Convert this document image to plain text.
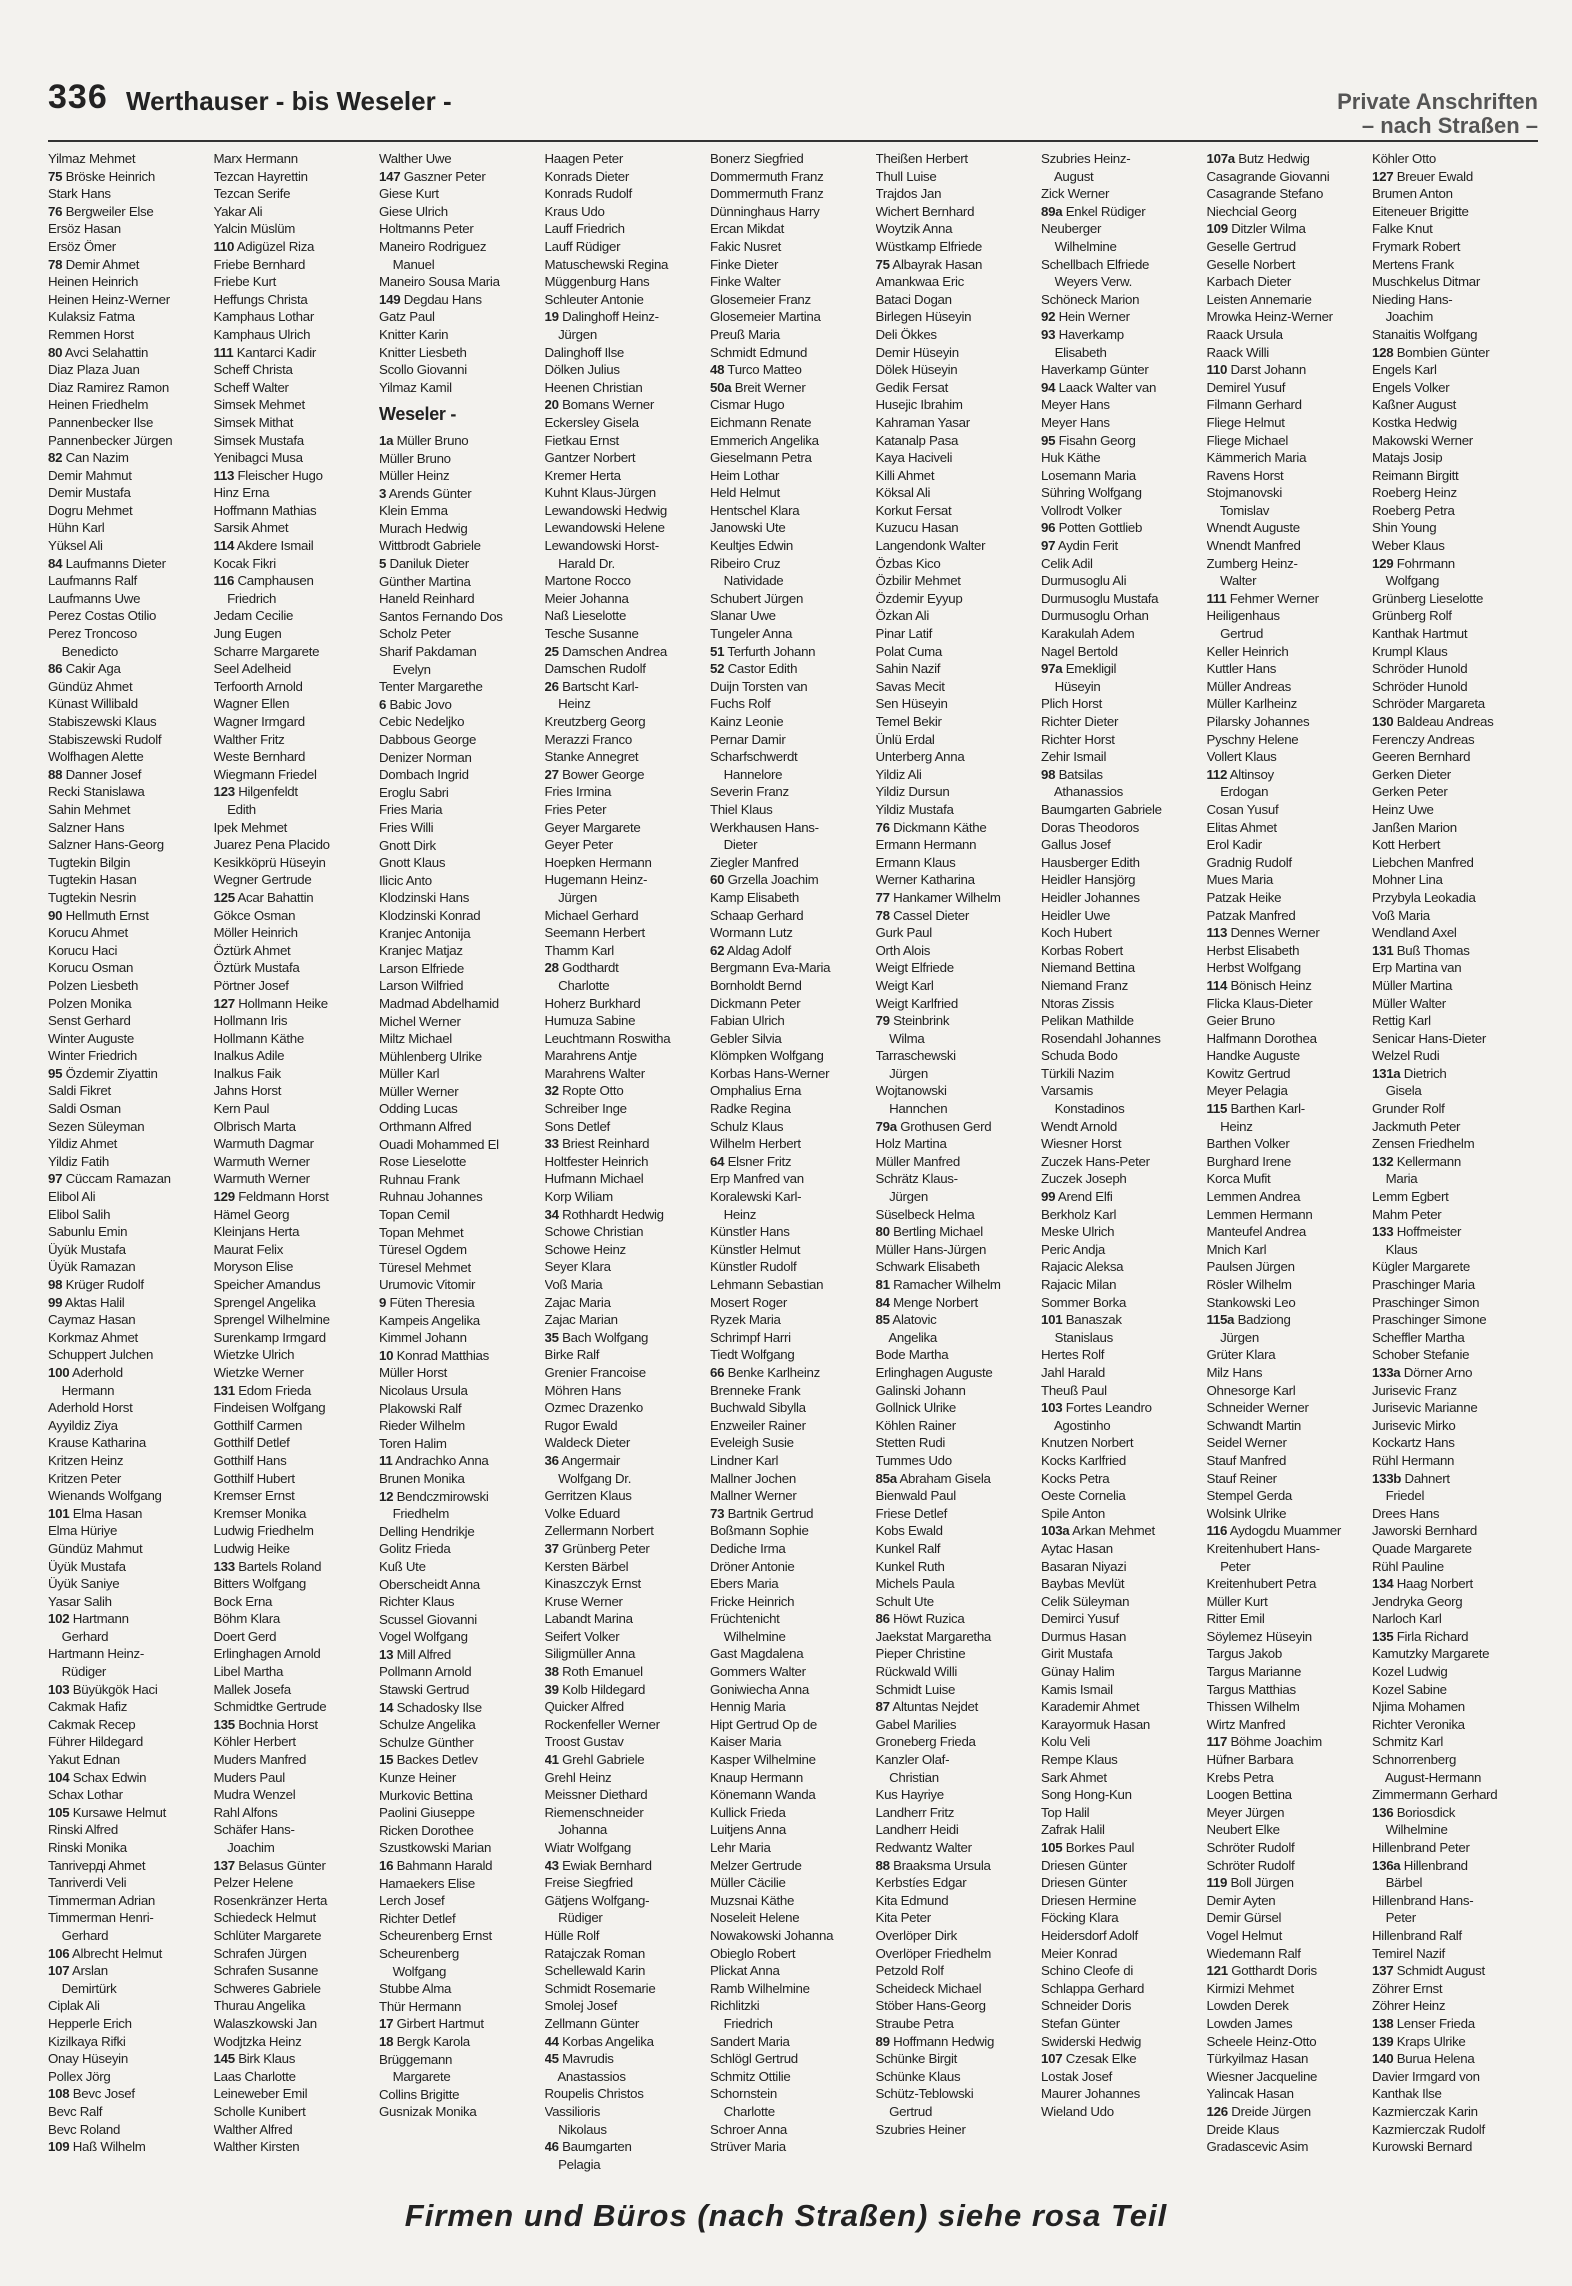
336 Werthauser - bis Weseler -	Private Anschriften
– nach Straßen –
Yilmaz Mehmet
75 Bröske Heinrich
Stark Hans
76 Bergweiler Else
Ersöz Hasan
Ersöz Ömer
78 Demir Ahmet
Heinen Heinrich
Heinen Heinz-Werner
Kulaksiz Fatma
Remmen Horst
80 Avci Selahattin
Diaz Plaza Juan
Diaz Ramirez Ramon
Heinen Friedhelm
Pannenbecker Ilse
Pannenbecker Jürgen
82 Can Nazim
Demir Mahmut
Demir Mustafa
Dogru Mehmet
Hühn Karl
Yüksel Ali
84 Laufmanns Dieter
Laufmanns Ralf
Laufmanns Uwe
Perez Costas Otilio
Perez Troncoso
Benedicto
86 Cakir Aga
Gündüz Ahmet
Künast Willibald
Stabiszewski Klaus
Stabiszewski Rudolf
Wolfhagen Alette
88 Danner Josef
Recki Stanislawa
Sahin Mehmet
Salzner Hans
Salzner Hans-Georg
Tugtekin Bilgin
Tugtekin Hasan
Tugtekin Nesrin
90 Hellmuth Ernst
Korucu Ahmet
Korucu Haci
Korucu Osman
Polzen Liesbeth
Polzen Monika
Senst Gerhard
Winter Auguste
Winter Friedrich
95 Özdemir Ziyattin
Saldi Fikret
Saldi Osman
Sezen Süleyman
Yildiz Ahmet
Yildiz Fatih
97 Cüccam Ramazan
Elibol Ali
Elibol Salih
Sabunlu Emin
Üyük Mustafa
Üyük Ramazan
98 Krüger Rudolf
99 Aktas Halil
Caymaz Hasan
Korkmaz Ahmet
Schuppert Julchen
100 Aderhold
Hermann
Aderhold Horst
Ayyildiz Ziya
Krause Katharina
Kritzen Heinz
Kritzen Peter
Wienands Wolfgang
101 Elma Hasan
Elma Hüriye
Gündüz Mahmut
Üyük Mustafa
Üyük Saniye
Yasar Salih
102 Hartmann
Gerhard
Hartmann Heinz-
Rüdiger
103 Büyükgök Haci
Cakmak Hafiz
Cakmak Recep
Führer Hildegard
Yakut Ednan
104 Schax Edwin
Schax Lothar
105 Kursawe Helmut
Rinski Alfred
Rinski Monika
Tanrivердi Ahmet
Tanriverdi Veli
Timmerman Adrian
Timmerman Henri-
Gerhard
106 Albrecht Helmut
107 Arslan
Demirtürk
Ciplak Ali
Hepperle Erich
Kizilkaya Rifki
Onay Hüseyin
Pollex Jörg
108 Bevc Josef
Bevc Ralf
Bevc Roland
109 Haß Wilhelm
Marx Hermann
Tezcan Hayrettin
Tezcan Serife
Yakar Ali
Yalcin Müslüm
110 Adigüzel Riza
Friebe Bernhard
Friebe Kurt
Heffungs Christa
Kamphaus Lothar
Kamphaus Ulrich
111 Kantarci Kadir
Scheff Christa
Scheff Walter
Simsek Mehmet
Simsek Mithat
Simsek Mustafa
Yenibagci Musa
113 Fleischer Hugo
Hinz Erna
Hoffmann Mathias
Sarsik Ahmet
114 Akdere Ismail
Kocak Fikri
116 Camphausen
Friedrich
Jedam Cecilie
Jung Eugen
Scharre Margarete
Seel Adelheid
Terfoorth Arnold
Wagner Ellen
Wagner Irmgard
Walther Fritz
Weste Bernhard
Wiegmann Friedel
123 Hilgenfeldt
Edith
Ipek Mehmet
Juarez Pena Placido
Kesikköprü Hüseyin
Wegner Gertrude
125 Acar Bahattin
Gökce Osman
Möller Heinrich
Öztürk Ahmet
Öztürk Mustafa
Pörtner Josef
127 Hollmann Heike
Hollmann Iris
Hollmann Käthe
Inalkus Adile
Inalkus Faik
Jahns Horst
Kern Paul
Olbrisch Marta
Warmuth Dagmar
Warmuth Werner
Warmuth Werner
129 Feldmann Horst
Hämel Georg
Kleinjans Herta
Maurat Felix
Moryson Elise
Speicher Amandus
Sprengel Angelika
Sprengel Wilhelmine
Surenkamp Irmgard
Wietzke Ulrich
Wietzke Werner
131 Edom Frieda
Findeisen Wolfgang
Gotthilf Carmen
Gotthilf Detlef
Gotthilf Hans
Gotthilf Hubert
Kremser Ernst
Kremser Monika
Ludwig Friedhelm
Ludwig Heike
133 Bartels Roland
Bitters Wolfgang
Bock Erna
Böhm Klara
Doert Gerd
Erlinghagen Arnold
Libel Martha
Mallek Josefa
Schmidtke Gertrude
135 Bochnia Horst
Köhler Herbert
Muders Manfred
Muders Paul
Mudra Wenzel
Rahl Alfons
Schäfer Hans-
Joachim
137 Belasus Günter
Pelzer Helene
Rosenkränzer Herta
Schiedeck Helmut
Schlüter Margarete
Schrafen Jürgen
Schrafen Susanne
Schweres Gabriele
Thurau Angelika
Walaszkowski Jan
Wodjtzka Heinz
145 Birk Klaus
Laas Charlotte
Leineweber Emil
Scholle Kunibert
Walther Alfred
Walther Kirsten
Walther Uwe
147 Gaszner Peter
Giese Kurt
Giese Ulrich
Holtmanns Peter
Maneiro Rodriguez
Manuel
Maneiro Sousa Maria
149 Degdau Hans
Gatz Paul
Knitter Karin
Knitter Liesbeth
Scollo Giovanni
Yilmaz Kamil
Weseler -
1a Müller Bruno
Müller Bruno
Müller Heinz
3 Arends Günter
Klein Emma
Murach Hedwig
Wittbrodt Gabriele
5 Daniluk Dieter
Günther Martina
Haneld Reinhard
Santos Fernando Dos
Scholz Peter
Sharif Pakdaman
Evelyn
Tenter Margarethe
6 Babic Jovo
Cebic Nedeljko
Dabbous George
Denizer Norman
Dombach Ingrid
Eroglu Sabri
Fries Maria
Fries Willi
Gnott Dirk
Gnott Klaus
Ilicic Anto
Klodzinski Hans
Klodzinski Konrad
Kranjec Antonija
Kranjec Matjaz
Larson Elfriede
Larson Wilfried
Madmad Abdelhamid
Michel Werner
Miltz Michael
Mühlenberg Ulrike
Müller Karl
Müller Werner
Odding Lucas
Orthmann Alfred
Ouadi Mohammed El
Rose Lieselotte
Ruhnau Frank
Ruhnau Johannes
Topan Cemil
Topan Mehmet
Türesel Ogdem
Türesel Mehmet
Urumovic Vitomir
9 Füten Theresia
Kampeis Angelika
Kimmel Johann
10 Konrad Matthias
Müller Horst
Nicolaus Ursula
Plakowski Ralf
Rieder Wilhelm
Toren Halim
11 Andrachko Anna
Brunen Monika
12 Bendczmirowski
Friedhelm
Delling Hendrikje
Golitz Frieda
Kuß Ute
Oberscheidt Anna
Richter Klaus
Scussel Giovanni
Vogel Wolfgang
13 Mill Alfred
Pollmann Arnold
Stawski Gertrud
14 Schadosky Ilse
Schulze Angelika
Schulze Günther
15 Backes Detlev
Kunze Heiner
Murkovic Bettina
Paolini Giuseppe
Ricken Dorothee
Szustkowski Marian
16 Bahmann Harald
Hamaekers Elise
Lerch Josef
Richter Detlef
Scheurenberg Ernst
Scheurenberg
Wolfgang
Stubbe Alma
Thür Hermann
17 Girbert Hartmut
18 Bergk Karola
Brüggemann
Margarete
Collins Brigitte
Gusnizak Monika
Haagen Peter
Konrads Dieter
Konrads Rudolf
Kraus Udo
Lauff Friedrich
Lauff Rüdiger
Matuschewski Regina
Müggenburg Hans
Schleuter Antonie
19 Dalinghoff Heinz-
Jürgen
Dalinghoff Ilse
Dölken Julius
Heenen Christian
20 Bomans Werner
Eckersley Gisela
Fietkau Ernst
Gantzer Norbert
Kremer Herta
Kuhnt Klaus-Jürgen
Lewandowski Hedwig
Lewandowski Helene
Lewandowski Horst-
Harald Dr.
Martone Rocco
Meier Johanna
Naß Lieselotte
Tesche Susanne
25 Damschen Andrea
Damschen Rudolf
26 Bartscht Karl-
Heinz
Kreutzberg Georg
Merazzi Franco
Stanke Annegret
27 Bower George
Fries Irmina
Fries Peter
Geyer Margarete
Geyer Peter
Hoepken Hermann
Hugemann Heinz-
Jürgen
Michael Gerhard
Seemann Herbert
Thamm Karl
28 Godthardt
Charlotte
Hoherz Burkhard
Humuza Sabine
Leuchtmann Roswitha
Marahrens Antje
Marahrens Walter
32 Ropte Otto
Schreiber Inge
Sons Detlef
33 Briest Reinhard
Holtfester Heinrich
Hufmann Michael
Korp Wiliam
34 Rothhardt Hedwig
Schowe Christian
Schowe Heinz
Seyer Klara
Voß Maria
Zajac Maria
Zajac Marian
35 Bach Wolfgang
Birke Ralf
Grenier Francoise
Möhren Hans
Ozmec Drazenko
Rugor Ewald
Waldeck Dieter
36 Angermair
Wolfgang Dr.
Gerritzen Klaus
Volke Eduard
Zellermann Norbert
37 Grünberg Peter
Kersten Bärbel
Kinaszczyk Ernst
Kruse Werner
Labandt Marina
Seifert Volker
Siligmüller Anna
38 Roth Emanuel
39 Kolb Hildegard
Quicker Alfred
Rockenfeller Werner
Troost Gustav
41 Grehl Gabriele
Grehl Heinz
Meissner Diethard
Riemenschneider
Johanna
Wiatr Wolfgang
43 Ewiak Bernhard
Freise Siegfried
Gätjens Wolfgang-
Rüdiger
Hülle Rolf
Ratajczak Roman
Schellewald Karin
Schmidt Rosemarie
Smolej Josef
Zellmann Günter
44 Korbas Angelika
45 Mavrudis
Anastassios
Roupelis Christos
Vassiliоris
Nikolaus
46 Baumgarten
Pelagia
Bonerz Siegfried
Dommermuth Franz
Dommermuth Franz
Dünninghaus Harry
Ercan Mikdat
Fakic Nusret
Finke Dieter
Finke Walter
Glosemeier Franz
Glosemeier Martina
Preuß Maria
Schmidt Edmund
48 Turco Matteo
50a Breit Werner
Cismar Hugo
Eichmann Renate
Emmerich Angelika
Gieselmann Petra
Heim Lothar
Held Helmut
Hentschel Klara
Janowski Ute
Keultjes Edwin
Ribeiro Cruz
Natividade
Schubert Jürgen
Slanar Uwe
Tungeler Anna
51 Terfurth Johann
52 Castor Edith
Duijn Torsten van
Fuchs Rolf
Kainz Leonie
Pernar Damir
Scharfschwerdt
Hannelore
Severin Franz
Thiel Klaus
Werkhausen Hans-
Dieter
Ziegler Manfred
60 Grzella Joachim
Kamp Elisabeth
Schaap Gerhard
Wormann Lutz
62 Aldag Adolf
Bergmann Eva-Maria
Bornholdt Bernd
Dickmann Peter
Fabian Ulrich
Gebler Silvia
Klömpken Wolfgang
Korbas Hans-Werner
Omphalius Erna
Radke Regina
Schulz Klaus
Wilhelm Herbert
64 Elsner Fritz
Erp Manfred van
Koralewski Karl-
Heinz
Künstler Hans
Künstler Helmut
Künstler Rudolf
Lehmann Sebastian
Mosert Roger
Ryzek Maria
Schrimpf Harri
Tiedt Wolfgang
66 Benke Karlheinz
Brenneke Frank
Buchwald Sibylla
Enzweiler Rainer
Eveleigh Susie
Lindner Karl
Mallner Jochen
Mallner Werner
73 Bartnik Gertrud
Boßmann Sophie
Dediche Irma
Dröner Antonie
Ebers Maria
Fricke Heinrich
Früchtenicht
Wilhelmine
Gast Magdalena
Gommers Walter
Goniwiecha Anna
Hennig Maria
Hipt Gertrud Op de
Kaiser Maria
Kasper Wilhelmine
Knaup Hermann
Könemann Wanda
Kullick Frieda
Luitjens Anna
Lehr Maria
Melzer Gertrude
Müller Cäcilie
Muzsnai Käthe
Noseleit Helene
Nowakowski Johanna
Obieglo Robert
Plickat Anna
Ramb Wilhelmine
Richlitzki
Friedrich
Sandert Maria
Schlögl Gertrud
Schmitz Ottilie
Schornstein
Charlotte
Schroer Anna
Strüver Maria
Theißen Herbert
Thull Luise
Trajdos Jan
Wichert Bernhard
Woytzik Anna
Wüstkamp Elfriede
75 Albayrak Hasan
Amankwaa Eric
Bataci Dogan
Birlegen Hüseyin
Deli Ökkes
Demir Hüseyin
Dölek Hüseyin
Gedik Fersat
Husejic Ibrahim
Kahraman Yasar
Katanalp Pasa
Kaya Haciveli
Killi Ahmet
Köksal Ali
Korkut Fersat
Kuzucu Hasan
Langendonk Walter
Özbas Kico
Özbilir Mehmet
Özdemir Eyyup
Özkan Ali
Pinar Latif
Polat Cuma
Sahin Nazif
Savas Mecit
Sen Hüseyin
Temel Bekir
Ünlü Erdal
Unterberg Anna
Yildiz Ali
Yildiz Dursun
Yildiz Mustafa
76 Dickmann Käthe
Ermann Hermann
Ermann Klaus
Werner Katharina
77 Hankamer Wilhelm
78 Cassel Dieter
Gurk Paul
Orth Alois
Weigt Elfriede
Weigt Karl
Weigt Karlfried
79 Steinbrink
Wilma
Tarraschewski
Jürgen
Wojtanowski
Hannchen
79a Grothusen Gerd
Holz Martina
Müller Manfred
Schrätz Klaus-
Jürgen
Süselbeck Helma
80 Bertling Michael
Müller Hans-Jürgen
Schwark Elisabeth
81 Ramacher Wilhelm
84 Menge Norbert
85 Alatovic
Angelika
Bode Martha
Erlinghagen Auguste
Galinski Johann
Gollnick Ulrike
Köhlen Rainer
Stetten Rudi
Tummes Udo
85a Abraham Gisela
Bienwald Paul
Friese Detlef
Kobs Ewald
Kunkel Ralf
Kunkel Ruth
Michels Paula
Schult Ute
86 Höwt Ruzica
Jaekstat Margaretha
Pieper Christine
Rückwald Willi
Schmidt Luise
87 Altuntas Nejdet
Gabel Marilies
Groneberg Frieda
Kanzler Olaf-
Christian
Kus Hayriye
Landherr Fritz
Landherr Heidi
Redwantz Walter
88 Braaksma Ursula
Kerbstíes Edgar
Kita Edmund
Kita Peter
Overlöper Dirk
Overlöper Friedhelm
Petzold Rolf
Scheideck Michael
Stöber Hans-Georg
Straube Petra
89 Hoffmann Hedwig
Schünke Birgit
Schünke Klaus
Schütz-Teblowski
Gertrud
Szubries Heiner
Szubries Heinz-
August
Zick Werner
89a Enkel Rüdiger
Neuberger
Wilhelmine
Schellbach Elfriede
Weyers Verw.
Schöneck Marion
92 Hein Werner
93 Haverkamp
Elisabeth
Haverkamp Günter
94 Laack Walter van
Meyer Hans
Meyer Hans
95 Fisahn Georg
Huk Käthe
Losemann Maria
Sühring Wolfgang
Vollrodt Volker
96 Potten Gottlieb
97 Aydin Ferit
Celik Adil
Durmusoglu Ali
Durmusoglu Mustafa
Durmusoglu Orhan
Karakulah Adem
Nagel Bertold
97a Emekligil
Hüseyin
Plich Horst
Richter Dieter
Richter Horst
Zehir Ismail
98 Batsilas
Athanassios
Baumgarten Gabriele
Doras Theodoros
Gallus Josef
Hausberger Edith
Heidler Hansjörg
Heidler Johannes
Heidler Uwe
Koch Hubert
Korbas Robert
Niemand Bettina
Niemand Franz
Ntoras Zissis
Pelikan Mathilde
Rosendahl Johannes
Schuda Bodo
Türkili Nazim
Varsamis
Konstadinos
Wendt Arnold
Wiesner Horst
Zuczek Hans-Peter
Zuczek Joseph
99 Arend Elfi
Berkholz Karl
Meske Ulrich
Peric Andja
Rajacic Aleksa
Rajacic Milan
Sommer Borka
101 Banaszak
Stanislaus
Hertes Rolf
Jahl Harald
Theuß Paul
103 Fortes Leandro
Agostinho
Knutzen Norbert
Kocks Karlfried
Kocks Petra
Oeste Cornelia
Spile Anton
103a Arkan Mehmet
Aytac Hasan
Basaran Niyazi
Baybas Mevlüt
Celik Süleyman
Demirci Yusuf
Durmus Hasan
Girit Mustafa
Günay Halim
Kamis Ismail
Karademir Ahmet
Karayormuk Hasan
Kolu Veli
Rempe Klaus
Sark Ahmet
Song Hong-Kun
Top Halil
Zafrak Halil
105 Borkes Paul
Driesen Günter
Driesen Günter
Driesen Hermine
Föcking Klara
Heidersdorf Adolf
Meier Konrad
Schino Cleofe di
Schlappa Gerhard
Schneider Doris
Stefan Günter
Swiderski Hedwig
107 Czesak Elke
Lostak Josef
Maurer Johannes
Wieland Udo
107a Butz Hedwig
Casagrande Giovanni
Casagrande Stefano
Niechcial Georg
109 Ditzler Wilma
Geselle Gertrud
Geselle Norbert
Karbach Dieter
Leisten Annemarie
Mrowka Heinz-Werner
Raack Ursula
Raack Willi
110 Darst Johann
Demirel Yusuf
Filmann Gerhard
Fliege Helmut
Fliege Michael
Kämmerich Maria
Ravens Horst
Stojmanovski
Tomislav
Wnendt Auguste
Wnendt Manfred
Zumberg Heinz-
Walter
111 Fehmer Werner
Heiligenhaus
Gertrud
Keller Heinrich
Kuttler Hans
Müller Andreas
Müller Karlheinz
Pilarsky Johannes
Pyschny Helene
Vollert Klaus
112 Altinsoy
Erdogan
Cosan Yusuf
Elitas Ahmet
Erol Kadir
Gradnig Rudolf
Mues Maria
Patzak Heike
Patzak Manfred
113 Dennes Werner
Herbst Elisabeth
Herbst Wolfgang
114 Bönisch Heinz
Flicka Klaus-Dieter
Geier Bruno
Halfmann Dorothea
Handke Auguste
Kowitz Gertrud
Meyer Pelagia
115 Barthen Karl-
Heinz
Barthen Volker
Burghard Irene
Korca Mufit
Lemmen Andrea
Lemmen Hermann
Manteufel Andrea
Mnich Karl
Paulsen Jürgen
Rösler Wilhelm
Stankowski Leo
115a Badziong
Jürgen
Grüter Klara
Milz Hans
Ohnesorge Karl
Schneider Werner
Schwandt Martin
Seidel Werner
Stauf Manfred
Stauf Reiner
Stempel Gerda
Wolsink Ulrike
116 Aydogdu Muammer
Kreitenhubert Hans-
Peter
Kreitenhubert Petra
Müller Kurt
Ritter Emil
Söylemez Hüseyin
Targus Jakob
Targus Marianne
Targus Matthias
Thissen Wilhelm
Wirtz Manfred
117 Böhme Joachim
Hüfner Barbara
Krebs Petra
Loogen Bettina
Meyer Jürgen
Neubert Elke
Schröter Rudolf
Schröter Rudolf
119 Boll Jürgen
Demir Ayten
Demir Gürsel
Vogel Helmut
Wiedemann Ralf
121 Gotthardt Doris
Kirmizi Mehmet
Lowden Derek
Lowden James
Scheele Heinz-Otto
Türkyilmaz Hasan
Wiesner Jacqueline
Yalincak Hasan
126 Dreide Jürgen
Dreide Klaus
Gradascevic Asim
Köhler Otto
127 Breuer Ewald
Brumen Anton
Eiteneuer Brigitte
Falke Knut
Frymark Robert
Mertens Frank
Muschkelus Ditmar
Nieding Hans-
Joachim
Stanaitis Wolfgang
128 Bombien Günter
Engels Karl
Engels Volker
Kaßner August
Kostka Hedwig
Makowski Werner
Matajs Josip
Reimann Birgitt
Roeberg Heinz
Roeberg Petra
Shin Young
Weber Klaus
129 Fohrmann
Wolfgang
Grünberg Lieselotte
Grünberg Rolf
Kanthak Hartmut
Krumpl Klaus
Schröder Hunold
Schröder Hunold
Schröder Margareta
130 Baldeau Andreas
Ferenczy Andreas
Geeren Bernhard
Gerken Dieter
Gerken Peter
Heinz Uwe
Janßen Marion
Kott Herbert
Liebchen Manfred
Mohner Lina
Przybyla Leokadia
Voß Maria
Wendland Axel
131 Buß Thomas
Erp Martina van
Müller Martina
Müller Walter
Rettig Karl
Senicar Hans-Dieter
Welzel Rudi
131a Dietrich
Gisela
Grunder Rolf
Jackmuth Peter
Zensen Friedhelm
132 Kellermann
Maria
Lemm Egbert
Mahm Peter
133 Hoffmeister
Klaus
Kügler Margarete
Praschinger Maria
Praschinger Simon
Praschinger Simone
Scheffler Martha
Schober Stefanie
133a Dörner Arno
Jurisevic Franz
Jurisevic Marianne
Jurisevic Mirko
Kockartz Hans
Rühl Hermann
133b Dahnert
Friedel
Drees Hans
Jaworski Bernhard
Quade Margarete
Rühl Pauline
134 Haag Norbert
Jendryka Georg
Narloch Karl
135 Firla Richard
Kamutzky Margarete
Kozel Ludwig
Kozel Sabine
Njima Mohamen
Richter Veronika
Schmitz Karl
Schnorrenberg
August-Hermann
Zimmermann Gerhard
136 Boriosdick
Wilhelmine
Hillenbrand Peter
136a Hillenbrand
Bärbel
Hillenbrand Hans-
Peter
Hillenbrand Ralf
Temirel Nazif
137 Schmidt August
Zöhrer Ernst
Zöhrer Heinz
138 Lenser Frieda
139 Kraps Ulrike
140 Buruа Helena
Davier Irmgard von
Kanthak Ilse
Kazmierczak Karin
Kazmierczak Rudolf
Kurowski Bernard
Firmen und Büros (nach Straßen) siehe rosa Teil
